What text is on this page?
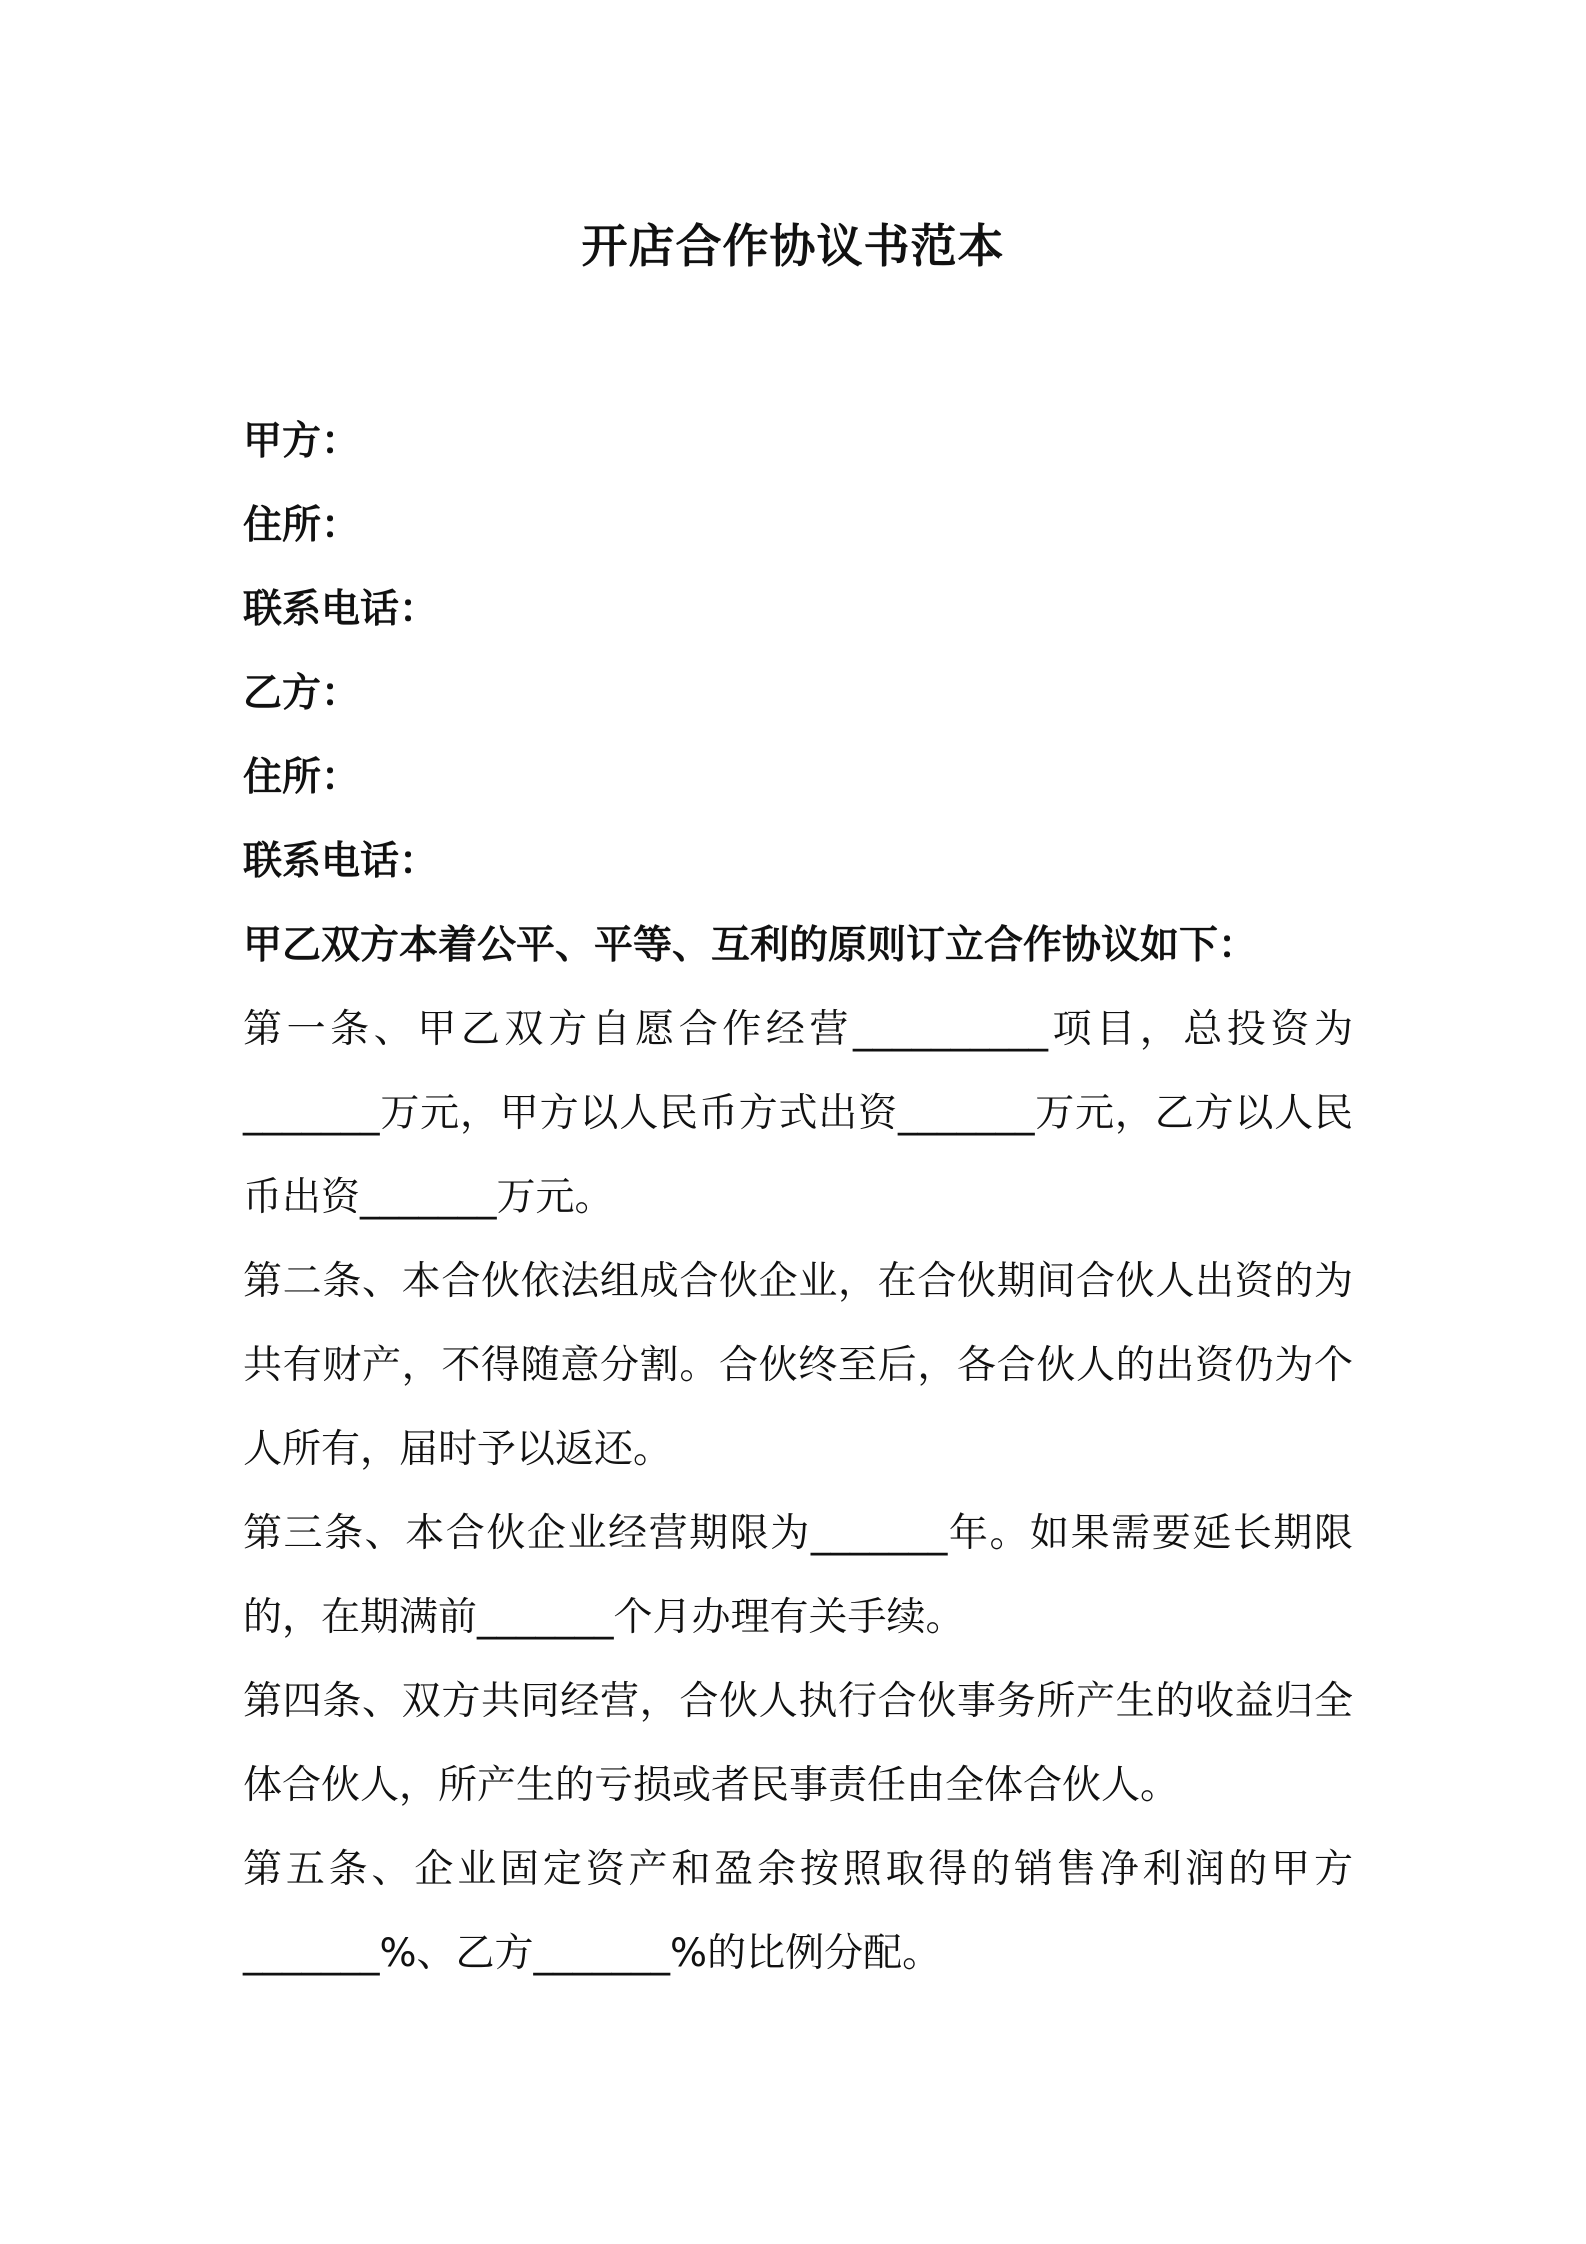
开店合作协议书范本

甲方：

住所：

联系电话：

乙方：

住所：

联系电话：

甲乙双方本着公平、平等、互利的原则订立合作协议如下：

第一条、甲乙双方自愿合作经营__________项目，总投资为_______万元，甲方以人民币方式出资_______万元，乙方以人民币出资_______万元。

第二条、本合伙依法组成合伙企业，在合伙期间合伙人出资的为共有财产，不得随意分割。合伙终至后，各合伙人的出资仍为个人所有，届时予以返还。

第三条、本合伙企业经营期限为_______年。如果需要延长期限的，在期满前_______个月办理有关手续。

第四条、双方共同经营，合伙人执行合伙事务所产生的收益归全体合伙人，所产生的亏损或者民事责任由全体合伙人。

第五条、企业固定资产和盈余按照取得的销售净利润的甲方_______%、乙方_______%的比例分配。
